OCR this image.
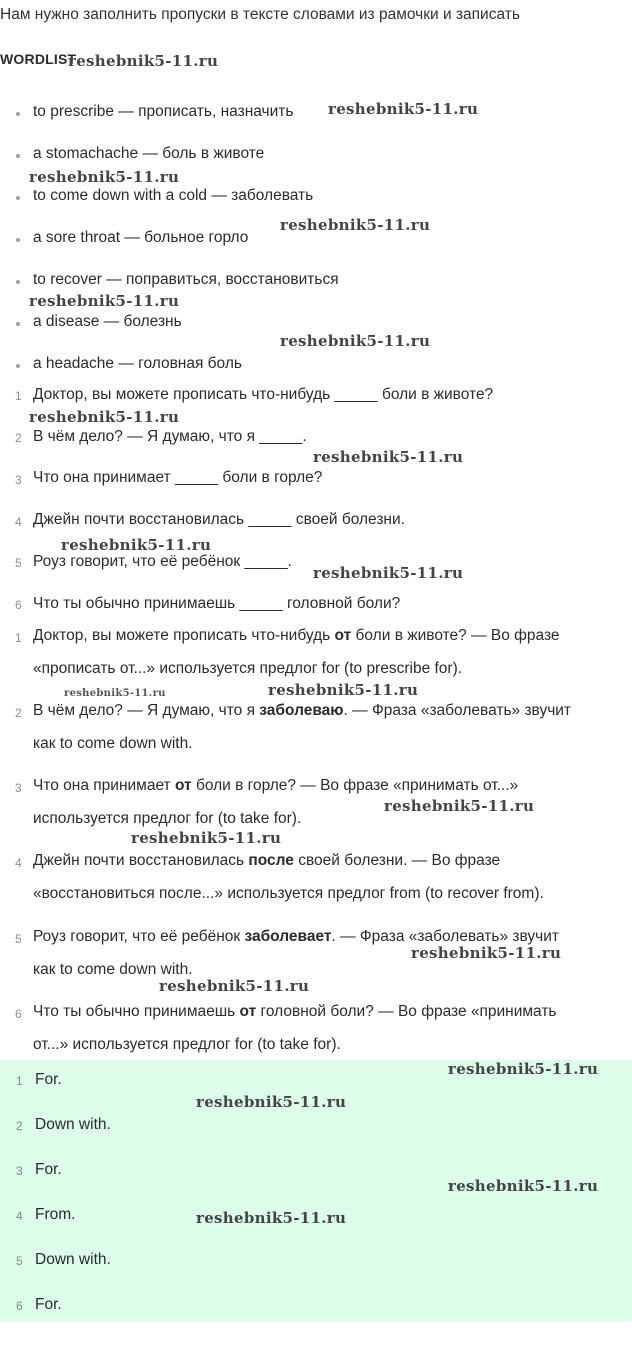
Нам нужно заполнить пропуски в тексте словами из рамочки и записать
WORDLIST
reshebnik5-11.ru
to prescribe — прописать, назначить
a stomachache — боль в животе
to come down with a cold — заболевать
a sore throat — больное горло
to recover — поправиться, восстановиться
a disease — болезнь
a headache — головная боль
reshebnik5-11.ru
reshebnik5-11.ru
reshebnik5-11.ru
reshebnik5-11.ru
reshebnik5-11.ru
1 Доктор, вы можете прописать что-нибудь _____ боли в животе?
2 В чём дело? — Я думаю, что я _____.
3 Что она принимает _____ боли в горле?
4 Джейн почти восстановилась _____ своей болезни.
5 Роуз говорит, что её ребёнок _____.
6 Что ты обычно принимаешь _____ головной боли?
reshebnik5-11.ru
reshebnik5-11.ru
reshebnik5-11.ru
reshebnik5-11.ru
1 Доктор, вы можете прописать что-нибудь от боли в животе? — Во фразе
«прописать от...» используется предлог for (to prescribe for).
2 В чём дело? — Я думаю, что я заболеваю. — Фраза «заболевать» звучит
как to come down with.
3 Что она принимает от боли в горле? — Во фразе «принимать от...»
используется предлог for (to take for).
4 Джейн почти восстановилась после своей болезни. — Во фразе
«восстановиться после...» используется предлог from (to recover from).
5 Роуз говорит, что её ребёнок заболевает. — Фраза «заболевать» звучит
как to come down with.
6 Что ты обычно принимаешь от головной боли? — Во фразе «принимать
от...» используется предлог for (to take for).
reshebnik5-11.ru	reshebnik5-11.ru
reshebnik5-11.ru
reshebnik5-11.ru
reshebnik5-11.ru
reshebnik5-11.ru
1 For.
2 Down with.
3 For.
4 From.
5 Down with.
6 For.
reshebnik5-11.ru
reshebnik5-11.ru
reshebnik5-11.ru
reshebnik5-11.ru
